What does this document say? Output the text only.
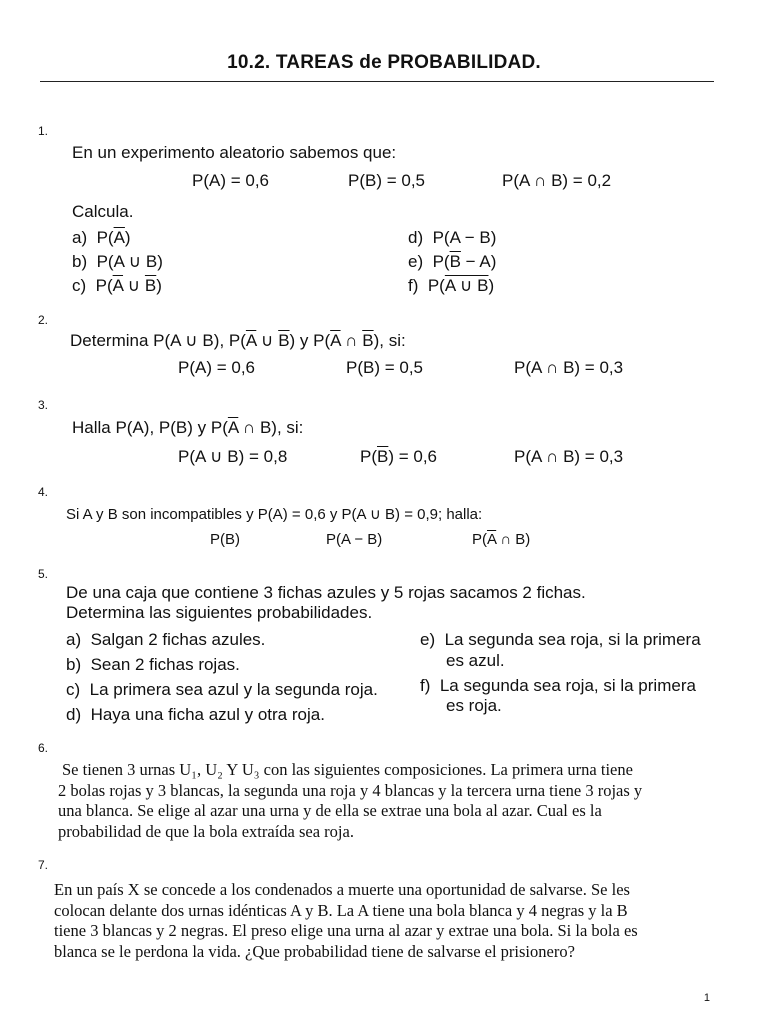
10.2. TAREAS de PROBABILIDAD.
1.
En un experimento aleatorio sabemos que:
P(A) = 0,6	P(B) = 0,5	P(A ∩ B) = 0,2
Calcula.
a) $P(\overline{A})$
b) P(A ∪ B)
c) $P(\overline{A}$ ∪ $\overline{B}$)
d) P(A − B)
e) $P(\overline{B} - A)$
f) P(A ∪ B)
2.
Determina P(A ∪ B), $P(\overline{A}$ ∪ $\overline{B}$) y $P(\overline{A}$ ∩ $\overline{B}$), si:
P(A) = 0,6	P(B) = 0,5	P(A ∩ B) = 0,3
3.
Halla P(A), P(B) y $P(\overline{A}$ ∩ B), si:
P(A ∪ B) = 0,8	$P(\overline{B}) = 0,6$	P(A ∩ B) = 0,3
4.
Si A y B son incompatibles y P(A) = 0,6 y P(A ∪ B) = 0,9; halla:
P(B)	P(A − B)	$P(\overline{A}$ ∩ B)
5.
De una caja que contiene 3 fichas azules y 5 rojas sacamos 2 fichas.
Determina las siguientes probabilidades.
a) Salgan 2 fichas azules.
b) Sean 2 fichas rojas.
c) La primera sea azul y la segunda roja.
d) Haya una ficha azul y otra roja.
e) La segunda sea roja, si la primera
es azul.
f) La segunda sea roja, si la primera
es roja.
6.
Se tienen 3 urnas U₁, U₂ Y U₃ con las siguientes composiciones. La primera urna tiene
2 bolas rojas y 3 blancas, la segunda una roja y 4 blancas y la tercera urna tiene 3 rojas y
una blanca. Se elige al azar una urna y de ella se extrae una bola al azar. Cual es la
probabilidad de que la bola extraída sea roja.
7.
En un país X se concede a los condenados a muerte una oportunidad de salvarse. Se les
colocan delante dos urnas idénticas A y B. La A tiene una bola blanca y 4 negras y la B
tiene 3 blancas y 2 negras. El preso elige una urna al azar y extrae una bola. Si la bola es
blanca se le perdona la vida. ¿Que probabilidad tiene de salvarse el prisionero?
1
